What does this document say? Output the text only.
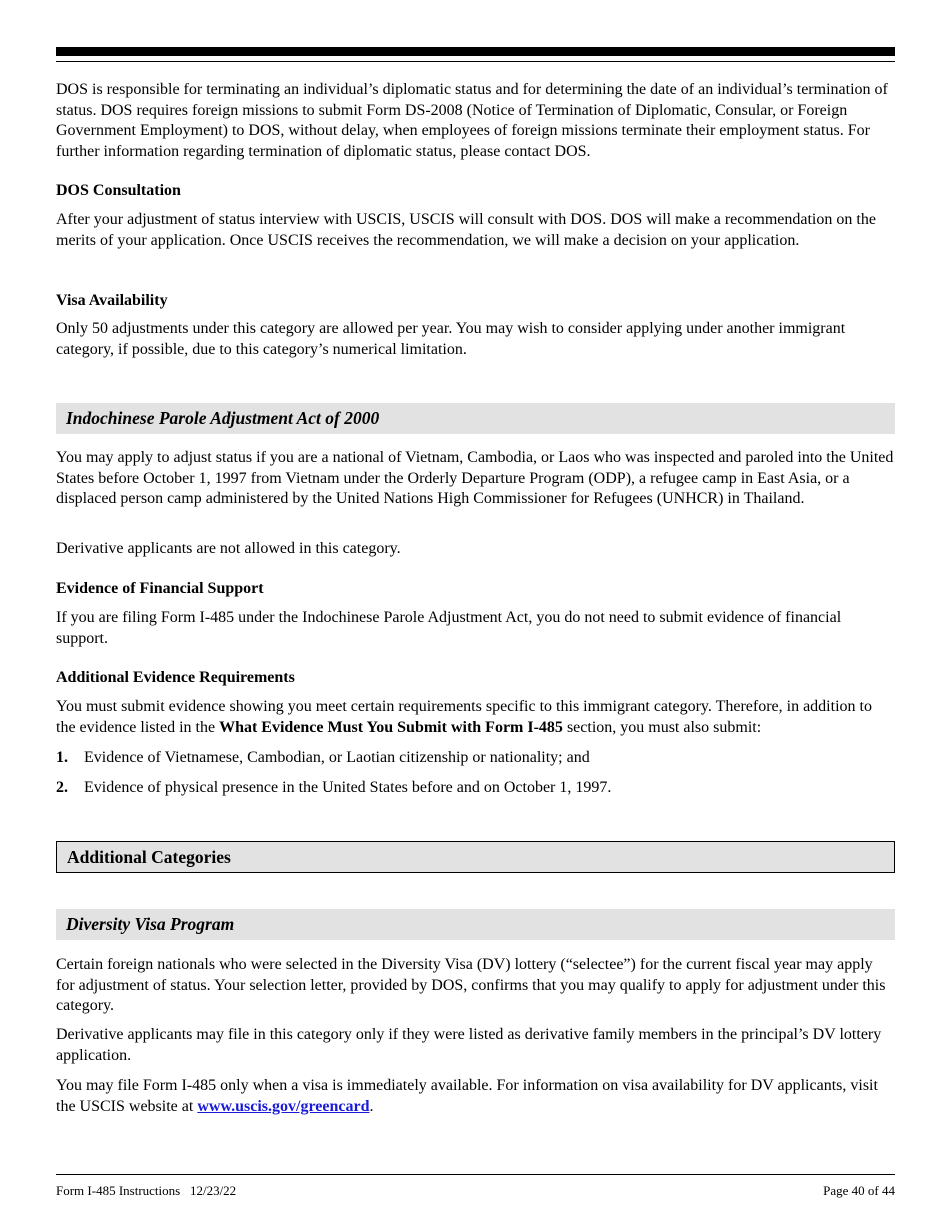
DOS is responsible for terminating an individual’s diplomatic status and for determining the date of an individual’s termination of status. DOS requires foreign missions to submit Form DS-2008 (Notice of Termination of Diplomatic, Consular, or Foreign Government Employment) to DOS, without delay, when employees of foreign missions terminate their employment status. For further information regarding termination of diplomatic status, please contact DOS.

DOS Consultation

After your adjustment of status interview with USCIS, USCIS will consult with DOS. DOS will make a recommendation on the merits of your application. Once USCIS receives the recommendation, we will make a decision on your application.

Visa Availability

Only 50 adjustments under this category are allowed per year. You may wish to consider applying under another immigrant category, if possible, due to this category’s numerical limitation.

Indochinese Parole Adjustment Act of 2000

You may apply to adjust status if you are a national of Vietnam, Cambodia, or Laos who was inspected and paroled into the United States before October 1, 1997 from Vietnam under the Orderly Departure Program (ODP), a refugee camp in East Asia, or a displaced person camp administered by the United Nations High Commissioner for Refugees (UNHCR) in Thailand.

Derivative applicants are not allowed in this category.

Evidence of Financial Support

If you are filing Form I-485 under the Indochinese Parole Adjustment Act, you do not need to submit evidence of financial support.

Additional Evidence Requirements

You must submit evidence showing you meet certain requirements specific to this immigrant category. Therefore, in addition to the evidence listed in the What Evidence Must You Submit with Form I-485 section, you must also submit:

1. Evidence of Vietnamese, Cambodian, or Laotian citizenship or nationality; and
2. Evidence of physical presence in the United States before and on October 1, 1997.
Additional Categories
Diversity Visa Program

Certain foreign nationals who were selected in the Diversity Visa (DV) lottery (“selectee”) for the current fiscal year may apply for adjustment of status. Your selection letter, provided by DOS, confirms that you may qualify to apply for adjustment under this category.

Derivative applicants may file in this category only if they were listed as derivative family members in the principal’s DV lottery application.

You may file Form I-485 only when a visa is immediately available. For information on visa availability for DV applicants, visit the USCIS website at www.uscis.gov/greencard.

Form I-485 Instructions   12/23/22	Page 40 of 44
